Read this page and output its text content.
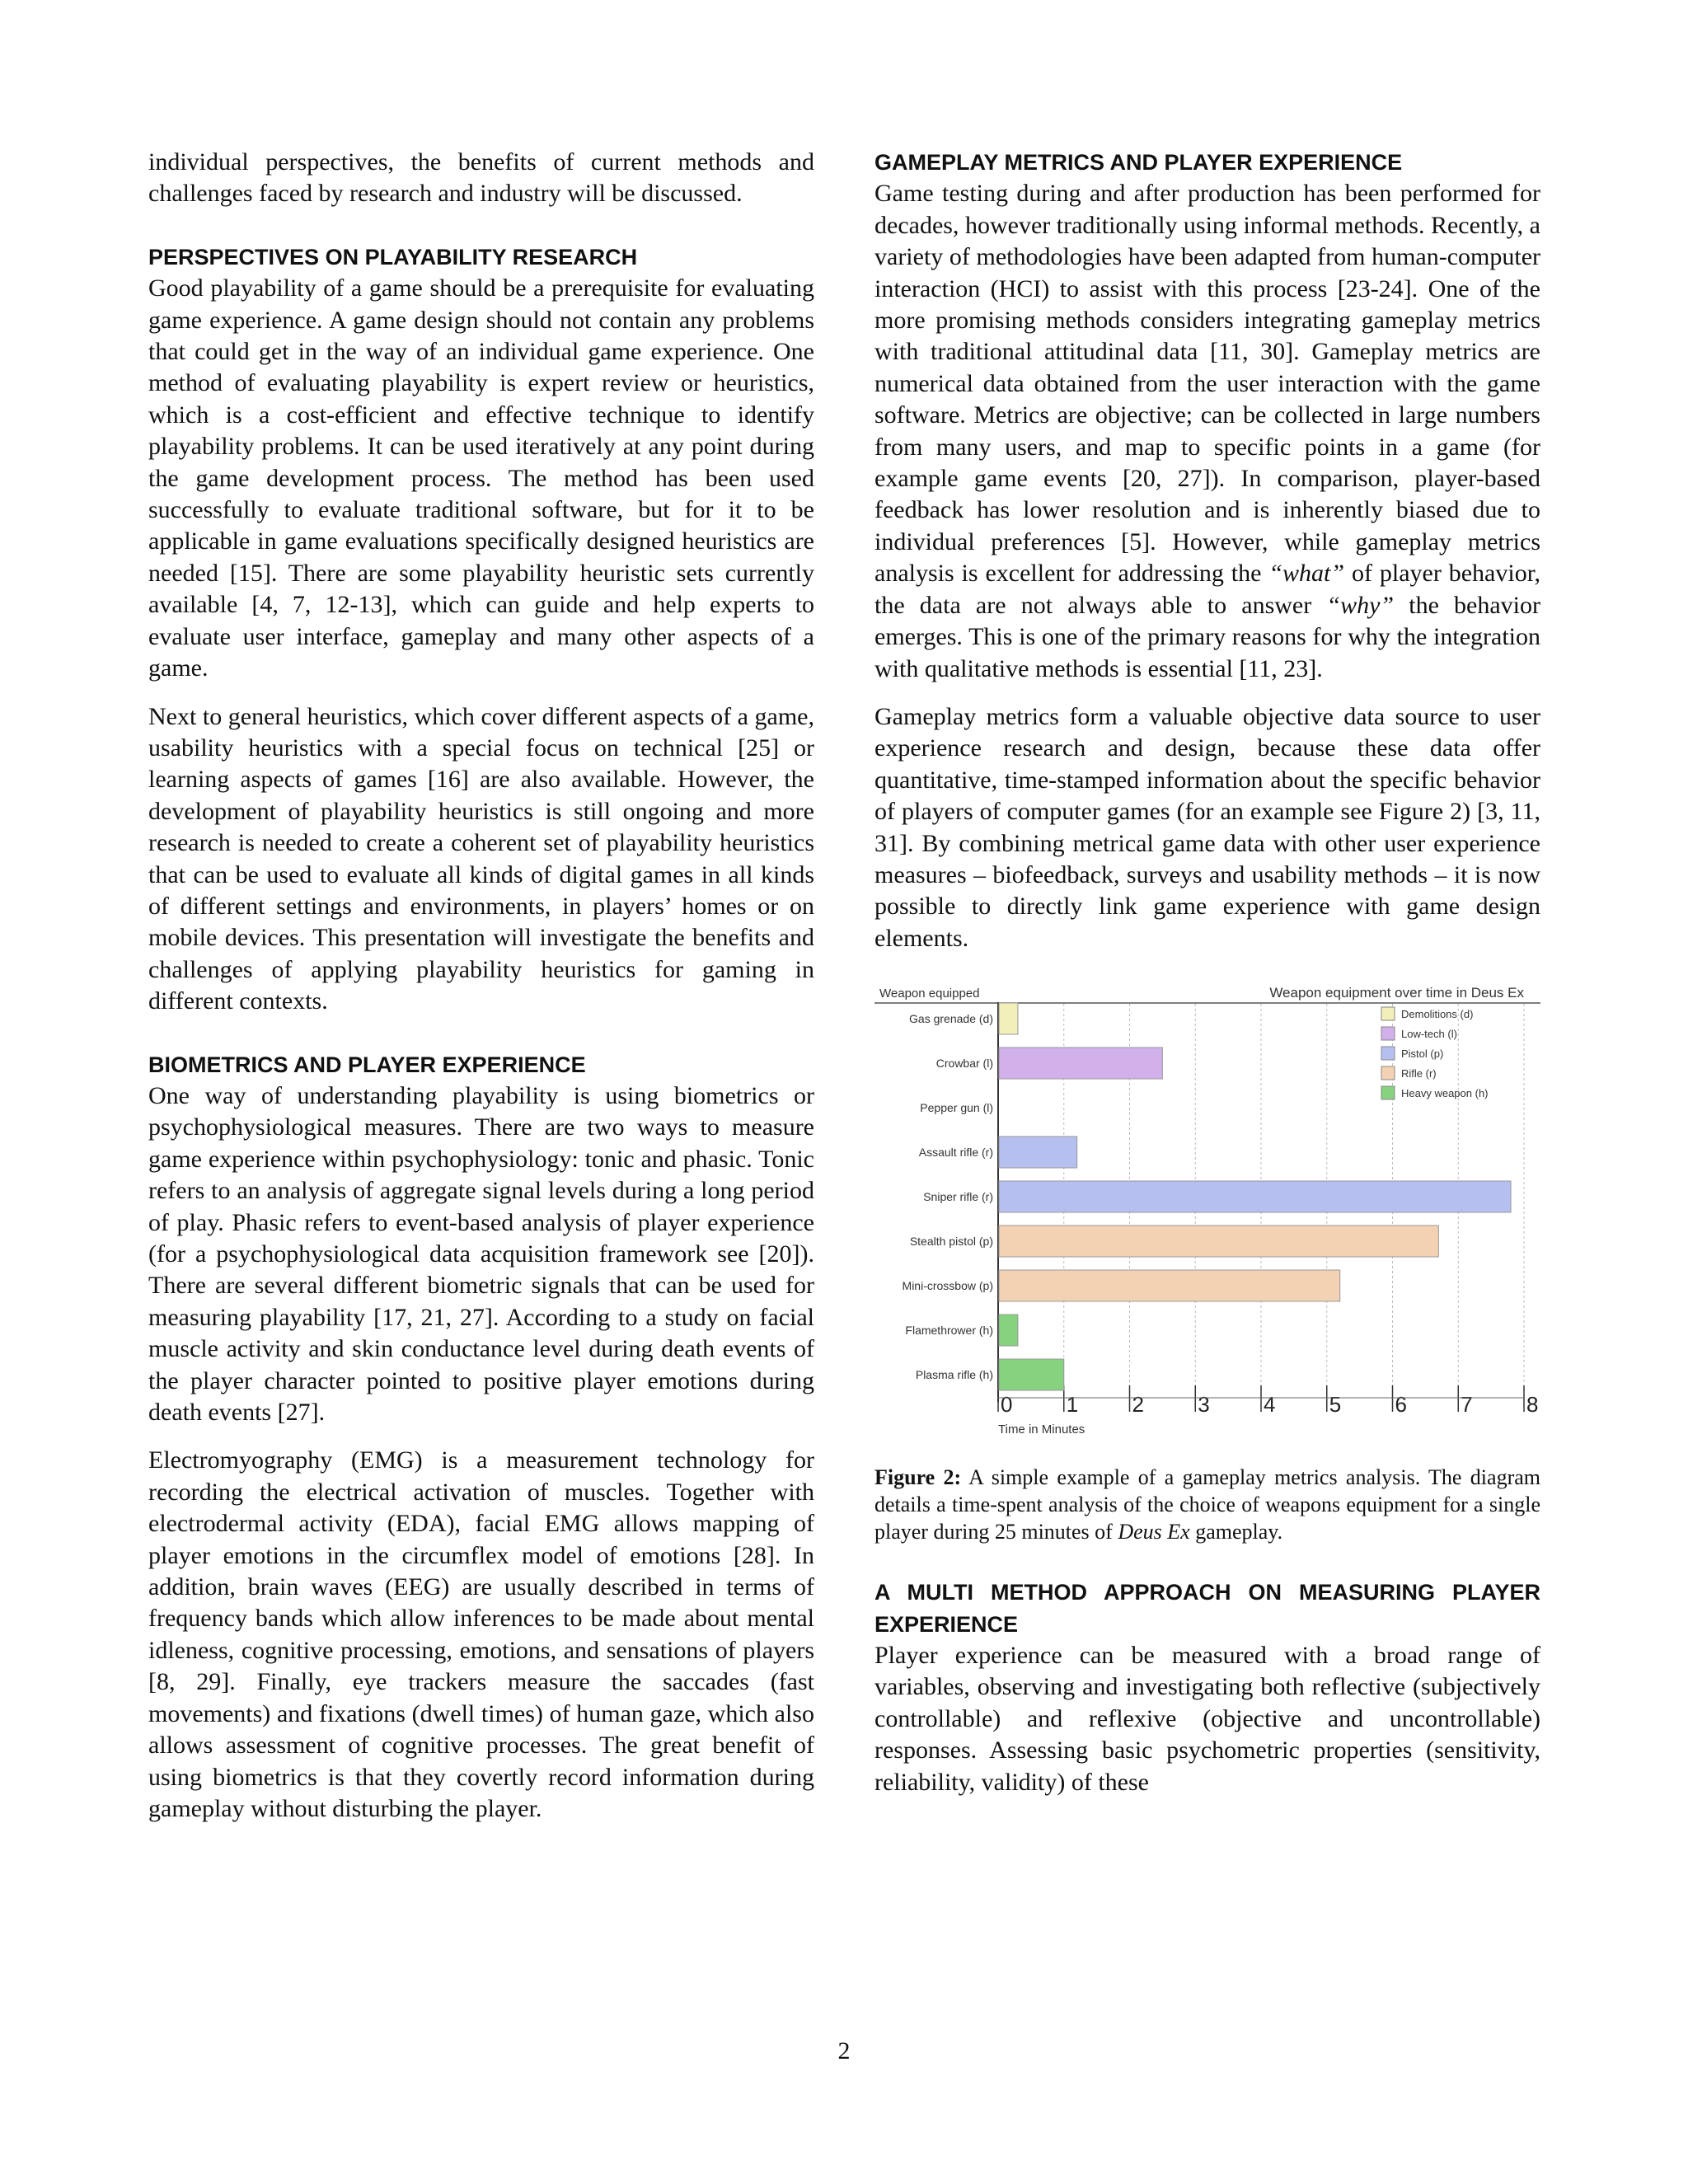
individual perspectives, the benefits of current methods and challenges faced by research and industry will be discussed.

PERSPECTIVES ON PLAYABILITY RESEARCH

Good playability of a game should be a prerequisite for evaluating game experience. A game design should not contain any problems that could get in the way of an individual game experience. One method of evaluating playability is expert review or heuristics, which is a cost-efficient and effective technique to identify playability problems. It can be used iteratively at any point during the game development process. The method has been used successfully to evaluate traditional software, but for it to be applicable in game evaluations specifically designed heuristics are needed [15]. There are some playability heuristic sets currently available [4, 7, 12-13], which can guide and help experts to evaluate user interface, gameplay and many other aspects of a game.

Next to general heuristics, which cover different aspects of a game, usability heuristics with a special focus on technical [25] or learning aspects of games [16] are also available. However, the development of playability heuristics is still ongoing and more research is needed to create a coherent set of playability heuristics that can be used to evaluate all kinds of digital games in all kinds of different settings and environments, in players’ homes or on mobile devices. This presentation will investigate the benefits and challenges of applying playability heuristics for gaming in different contexts.

BIOMETRICS AND PLAYER EXPERIENCE

One way of understanding playability is using biometrics or psychophysiological measures. There are two ways to measure game experience within psychophysiology: tonic and phasic. Tonic refers to an analysis of aggregate signal levels during a long period of play. Phasic refers to event-based analysis of player experience (for a psychophysiological data acquisition framework see [20]). There are several different biometric signals that can be used for measuring playability [17, 21, 27]. According to a study on facial muscle activity and skin conductance level during death events of the player character pointed to positive player emotions during death events [27].

Electromyography (EMG) is a measurement technology for recording the electrical activation of muscles. Together with electrodermal activity (EDA), facial EMG allows mapping of player emotions in the circumflex model of emotions [28]. In addition, brain waves (EEG) are usually described in terms of frequency bands which allow inferences to be made about mental idleness, cognitive processing, emotions, and sensations of players [8, 29]. Finally, eye trackers measure the saccades (fast movements) and fixations (dwell times) of human gaze, which also allows assessment of cognitive processes. The great benefit of using biometrics is that they covertly record information during gameplay without disturbing the player.

GAMEPLAY METRICS AND PLAYER EXPERIENCE

Game testing during and after production has been performed for decades, however traditionally using informal methods. Recently, a variety of methodologies have been adapted from human-computer interaction (HCI) to assist with this process [23-24]. One of the more promising methods considers integrating gameplay metrics with traditional attitudinal data [11, 30]. Gameplay metrics are numerical data obtained from the user interaction with the game software. Metrics are objective; can be collected in large numbers from many users, and map to specific points in a game (for example game events [20, 27]). In comparison, player-based feedback has lower resolution and is inherently biased due to individual preferences [5]. However, while gameplay metrics analysis is excellent for addressing the “what” of player behavior, the data are not always able to answer “why” the behavior emerges. This is one of the primary reasons for why the integration with qualitative methods is essential [11, 23].

Gameplay metrics form a valuable objective data source to user experience research and design, because these data offer quantitative, time-stamped information about the specific behavior of players of computer games (for an example see Figure 2) [3, 11, 31]. By combining metrical game data with other user experience measures – biofeedback, surveys and usability methods – it is now possible to directly link game experience with game design elements.

Weapon equipped	Weapon equipment over time in Deus Ex
0	1	2	3	4	5	6	7	8
Gas grenade (d)
Crowbar (l)
Pepper gun (l)
Assault rifle (r)
Sniper rifle (r)
Stealth pistol (p)
Mini-crossbow (p)
Flamethrower (h)
Plasma rifle (h)
Time in Minutes
Demolitions (d)
Low-tech (l)
Pistol (p)
Rifle (r)
Heavy weapon (h)

Figure 2: A simple example of a gameplay metrics analysis. The diagram details a time-spent analysis of the choice of weapons equipment for a single player during 25 minutes of Deus Ex gameplay.

A MULTI METHOD APPROACH ON MEASURING PLAYER EXPERIENCE

Player experience can be measured with a broad range of variables, observing and investigating both reflective (subjectively controllable) and reflexive (objective and uncontrollable) responses. Assessing basic psychometric properties (sensitivity, reliability, validity) of these

2
